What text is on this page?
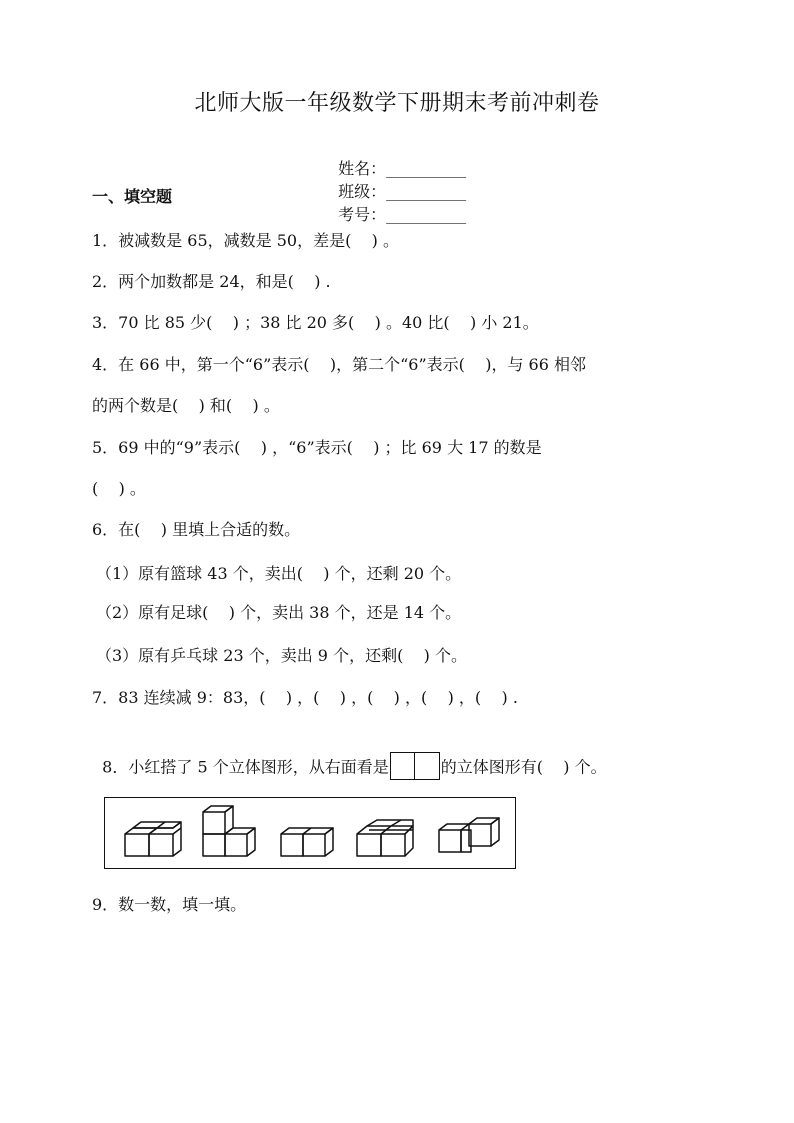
北师大版一年级数学下册期末考前冲刺卷

姓名：__________
班级：__________
考号：__________

一、填空题
1．被减数是 65，减数是 50，差是(    ) 。
2．两个加数都是 24，和是(    ) .
3．70 比 85 少(    ) ；38 比 20 多(    ) 。40 比(    ) 小 21。
4．在 66 中，第一个“6”表示(    )，第二个“6”表示(    )，与 66 相邻
的两个数是(    ) 和(    ) 。
5．69 中的“9”表示(    ) ，“6”表示(    ) ；比 69 大 17 的数是
(    ) 。
6．在(    ) 里填上合适的数。
（1）原有篮球 43 个，卖出(    ) 个，还剩 20 个。
（2）原有足球(    ) 个，卖出 38 个，还是 14 个。
（3）原有乒乓球 23 个，卖出 9 个，还剩(    ) 个。
7．83 连续减 9：83，(    ) ，(    ) ，(    ) ，(    ) ，(    ) .

8．小红搭了 5 个立体图形，从右面看是	的立体图形有(    ) 个。

9．数一数，填一填。
